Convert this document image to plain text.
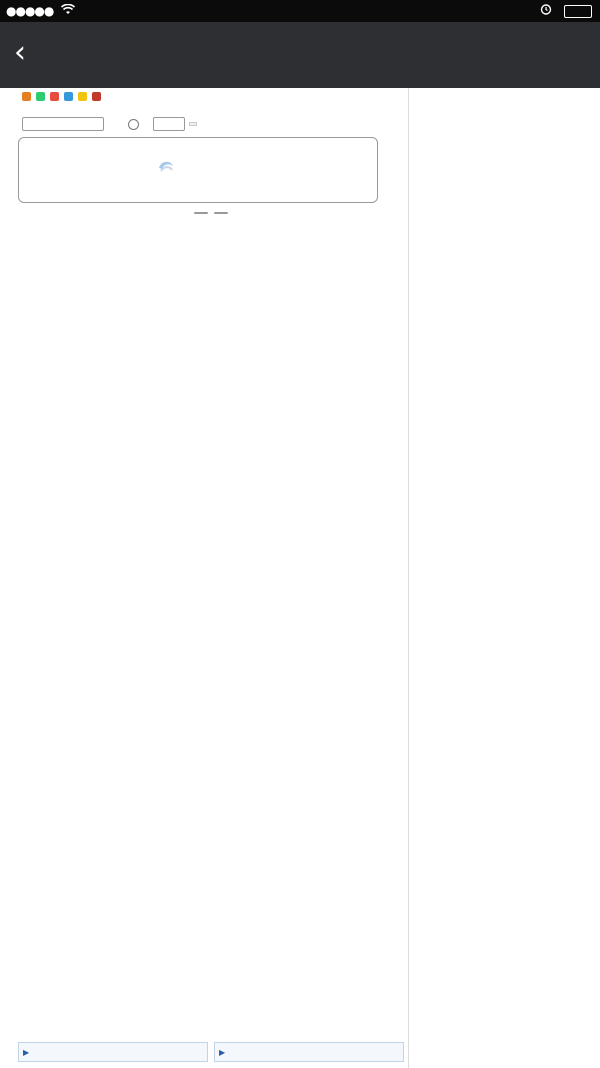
●●●●●
‹

▶	▶
